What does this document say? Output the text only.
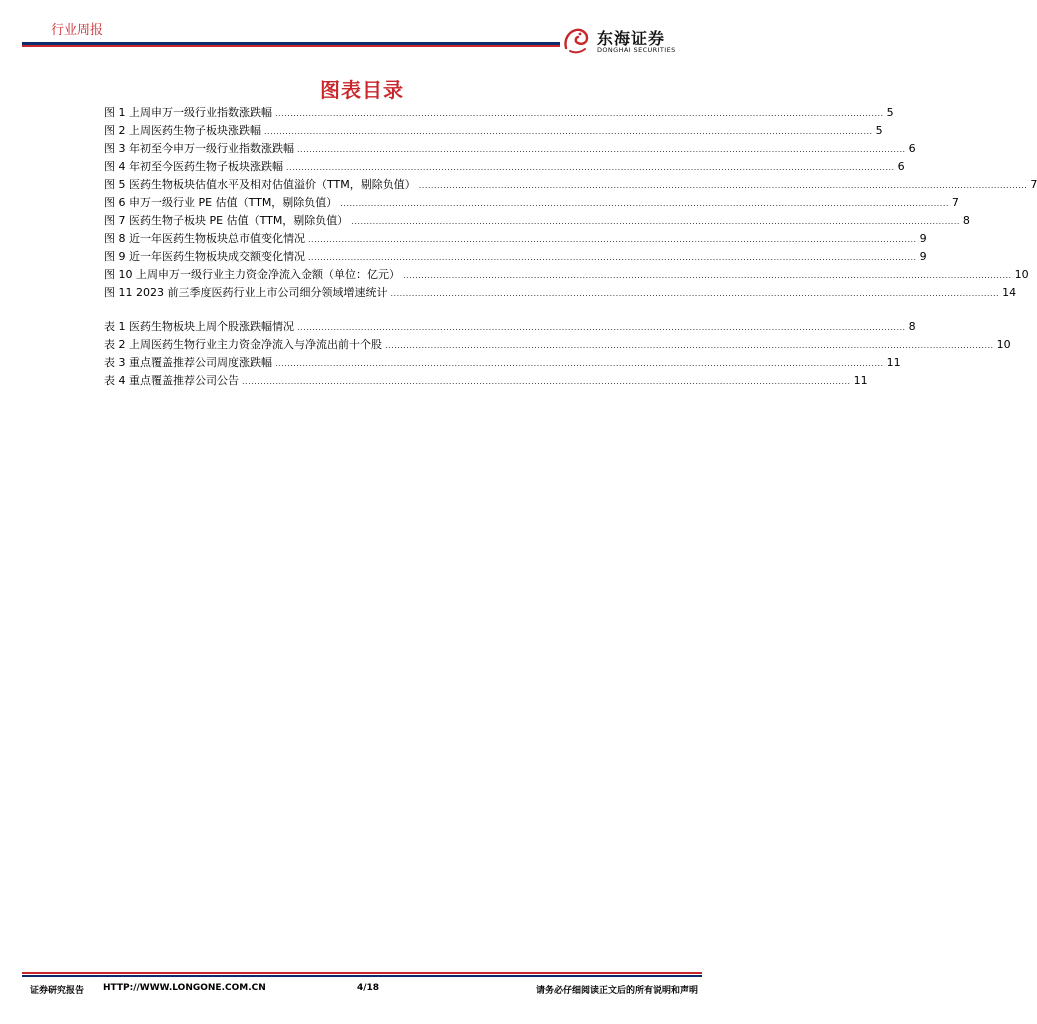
行业周报	东海证券
DONGHAI SECURITIES
图表目录
图 1 上周申万一级行业指数涨跌幅 ........................................................................................................................................................................................................ 5
图 2 上周医药生物子板块涨跌幅 ........................................................................................................................................................................................................ 5
图 3 年初至今申万一级行业指数涨跌幅 ........................................................................................................................................................................................................ 6
图 4 年初至今医药生物子板块涨跌幅 ........................................................................................................................................................................................................ 6
图 5 医药生物板块估值水平及相对估值溢价（TTM，剔除负值） ........................................................................................................................................................................................................ 7
图 6 申万一级行业 PE 估值（TTM，剔除负值） ........................................................................................................................................................................................................ 7
图 7 医药生物子板块 PE 估值（TTM，剔除负值） ........................................................................................................................................................................................................ 8
图 8 近一年医药生物板块总市值变化情况 ........................................................................................................................................................................................................ 9
图 9 近一年医药生物板块成交额变化情况 ........................................................................................................................................................................................................ 9
图 10 上周申万一级行业主力资金净流入金额（单位：亿元） ........................................................................................................................................................................................................ 10
图 11 2023 前三季度医药行业上市公司细分领域增速统计 ........................................................................................................................................................................................................ 14
表 1 医药生物板块上周个股涨跌幅情况 ........................................................................................................................................................................................................ 8
表 2 上周医药生物行业主力资金净流入与净流出前十个股 ........................................................................................................................................................................................................ 10
表 3 重点覆盖推荐公司周度涨跌幅 ........................................................................................................................................................................................................ 11
表 4 重点覆盖推荐公司公告 ........................................................................................................................................................................................................ 11
证券研究报告 HTTP://WWW.LONGONE.COM.CN	4/18	请务必仔细阅读正文后的所有说明和声明
